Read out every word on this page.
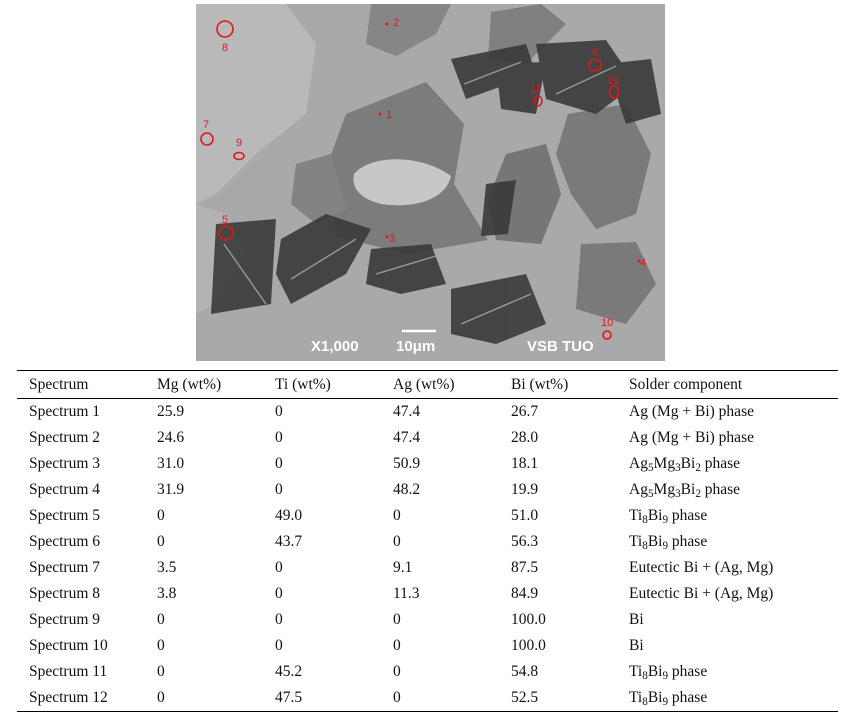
1
2
3
4
5
6
7
8
9
10
11
12
X1,000 10μm	VSB TUO
Spectrum	Mg (wt%)	Ti (wt%)	Ag (wt%)	Bi (wt%)	Solder component
Spectrum 1	25.9	0	47.4	26.7	Ag (Mg + Bi) phase
Spectrum 2	24.6	0	47.4	28.0	Ag (Mg + Bi) phase
Spectrum 3	31.0	0	50.9	18.1	$Ag_5Mg_3Bi_2$ phase
Spectrum 4	31.9	0	48.2	19.9	$Ag_5Mg_3Bi_2$ phase
Spectrum 5	0	49.0	0	51.0	$Ti_8Bi_9$ phase
Spectrum 6	0	43.7	0	56.3	$Ti_8Bi_9$ phase
Spectrum 7	3.5	0	9.1	87.5	Eutectic Bi + (Ag, Mg)
Spectrum 8	3.8	0	11.3	84.9	Eutectic Bi + (Ag, Mg)
Spectrum 9	0	0	0	100.0	Bi
Spectrum 10	0	0	0	100.0	Bi
Spectrum 11	0	45.2	0	54.8	$Ti_8Bi_9$ phase
Spectrum 12	0	47.5	0	52.5	$Ti_8Bi_9$ phase
